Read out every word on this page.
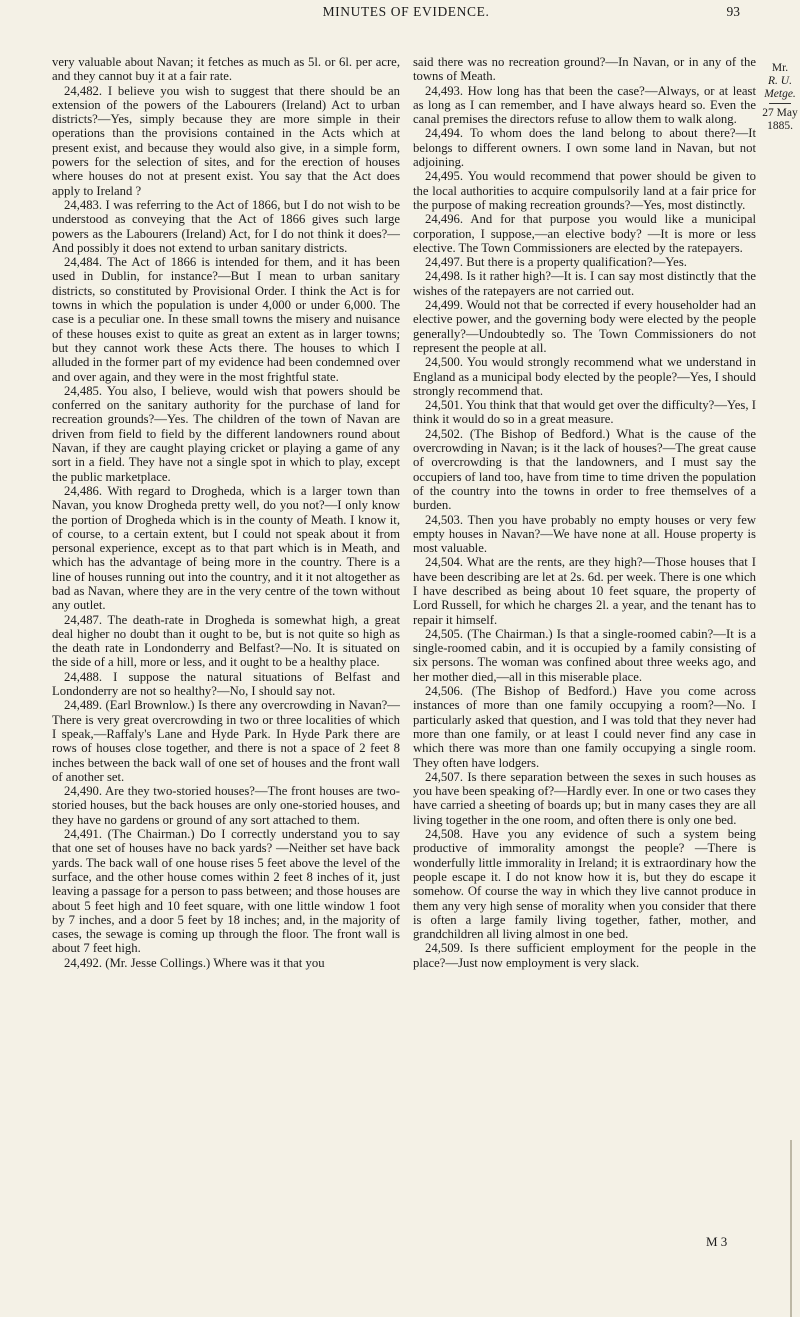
MINUTES OF EVIDENCE.	93

very valuable about Navan; it fetches as much as 5l. or 6l. per acre, and they cannot buy it at a fair rate.

24,482. I believe you wish to suggest that there should be an extension of the powers of the Labourers (Ireland) Act to urban districts?—Yes, simply because they are more simple in their operations than the provisions contained in the Acts which at present exist, and because they would also give, in a simple form, powers for the selection of sites, and for the erection of houses where houses do not at present exist. You say that the Act does apply to Ireland ?

24,483. I was referring to the Act of 1866, but I do not wish to be understood as conveying that the Act of 1866 gives such large powers as the Labourers (Ireland) Act, for I do not think it does?—And possibly it does not extend to urban sanitary districts.

24,484. The Act of 1866 is intended for them, and it has been used in Dublin, for instance?—But I mean to urban sanitary districts, so constituted by Provisional Order. I think the Act is for towns in which the population is under 4,000 or under 6,000. The case is a peculiar one. In these small towns the misery and nuisance of these houses exist to quite as great an extent as in larger towns; but they cannot work these Acts there. The houses to which I alluded in the former part of my evidence had been condemned over and over again, and they were in the most frightful state.

24,485. You also, I believe, would wish that powers should be conferred on the sanitary authority for the purchase of land for recreation grounds?—Yes. The children of the town of Navan are driven from field to field by the different landowners round about Navan, if they are caught playing cricket or playing a game of any sort in a field. They have not a single spot in which to play, except the public marketplace.

24,486. With regard to Drogheda, which is a larger town than Navan, you know Drogheda pretty well, do you not?—I only know the portion of Drogheda which is in the county of Meath. I know it, of course, to a certain extent, but I could not speak about it from personal experience, except as to that part which is in Meath, and which has the advantage of being more in the country. There is a line of houses running out into the country, and it it not altogether as bad as Navan, where they are in the very centre of the town without any outlet.

24,487. The death-rate in Drogheda is somewhat high, a great deal higher no doubt than it ought to be, but is not quite so high as the death rate in Londonderry and Belfast?—No. It is situated on the side of a hill, more or less, and it ought to be a healthy place.

24,488. I suppose the natural situations of Belfast and Londonderry are not so healthy?—No, I should say not.

24,489. (Earl Brownlow.) Is there any overcrowding in Navan?—There is very great overcrowding in two or three localities of which I speak,—Raffaly's Lane and Hyde Park. In Hyde Park there are rows of houses close together, and there is not a space of 2 feet 8 inches between the back wall of one set of houses and the front wall of another set.

24,490. Are they two-storied houses?—The front houses are two-storied houses, but the back houses are only one-storied houses, and they have no gardens or ground of any sort attached to them.

24,491. (The Chairman.) Do I correctly understand you to say that one set of houses have no back yards? —Neither set have back yards. The back wall of one house rises 5 feet above the level of the surface, and the other house comes within 2 feet 8 inches of it, just leaving a passage for a person to pass between; and those houses are about 5 feet high and 10 feet square, with one little window 1 foot by 7 inches, and a door 5 feet by 18 inches; and, in the majority of cases, the sewage is coming up through the floor. The front wall is about 7 feet high.

24,492. (Mr. Jesse Collings.) Where was it that you

said there was no recreation ground?—In Navan, or in any of the towns of Meath.

24,493. How long has that been the case?—Always, or at least as long as I can remember, and I have always heard so. Even the canal premises the directors refuse to allow them to walk along.

24,494. To whom does the land belong to about there?—It belongs to different owners. I own some land in Navan, but not adjoining.

24,495. You would recommend that power should be given to the local authorities to acquire compulsorily land at a fair price for the purpose of making recreation grounds?—Yes, most distinctly.

24,496. And for that purpose you would like a municipal corporation, I suppose,—an elective body? —It is more or less elective. The Town Commissioners are elected by the ratepayers.

24,497. But there is a property qualification?—Yes.

24,498. Is it rather high?—It is. I can say most distinctly that the wishes of the ratepayers are not carried out.

24,499. Would not that be corrected if every householder had an elective power, and the governing body were elected by the people generally?—Undoubtedly so. The Town Commissioners do not represent the people at all.

24,500. You would strongly recommend what we understand in England as a municipal body elected by the people?—Yes, I should strongly recommend that.

24,501. You think that that would get over the difficulty?—Yes, I think it would do so in a great measure.

24,502. (The Bishop of Bedford.) What is the cause of the overcrowding in Navan; is it the lack of houses?—The great cause of overcrowding is that the landowners, and I must say the occupiers of land too, have from time to time driven the population of the country into the towns in order to free themselves of a burden.

24,503. Then you have probably no empty houses or very few empty houses in Navan?—We have none at all. House property is most valuable.

24,504. What are the rents, are they high?—Those houses that I have been describing are let at 2s. 6d. per week. There is one which I have described as being about 10 feet square, the property of Lord Russell, for which he charges 2l. a year, and the tenant has to repair it himself.

24,505. (The Chairman.) Is that a single-roomed cabin?—It is a single-roomed cabin, and it is occupied by a family consisting of six persons. The woman was confined about three weeks ago, and her mother died,—all in this miserable place.

24,506. (The Bishop of Bedford.) Have you come across instances of more than one family occupying a room?—No. I particularly asked that question, and I was told that they never had more than one family, or at least I could never find any case in which there was more than one family occupying a single room. They often have lodgers.

24,507. Is there separation between the sexes in such houses as you have been speaking of?—Hardly ever. In one or two cases they have carried a sheeting of boards up; but in many cases they are all living together in the one room, and often there is only one bed.

24,508. Have you any evidence of such a system being productive of immorality amongst the people? —There is wonderfully little immorality in Ireland; it is extraordinary how the people escape it. I do not know how it is, but they do escape it somehow. Of course the way in which they live cannot produce in them any very high sense of morality when you consider that there is often a large family living together, father, mother, and grandchildren all living almost in one bed.

24,509. Is there sufficient employment for the people in the place?—Just now employment is very slack.

Mr.
R. U. Metge.
27 May 1885.
M 3
